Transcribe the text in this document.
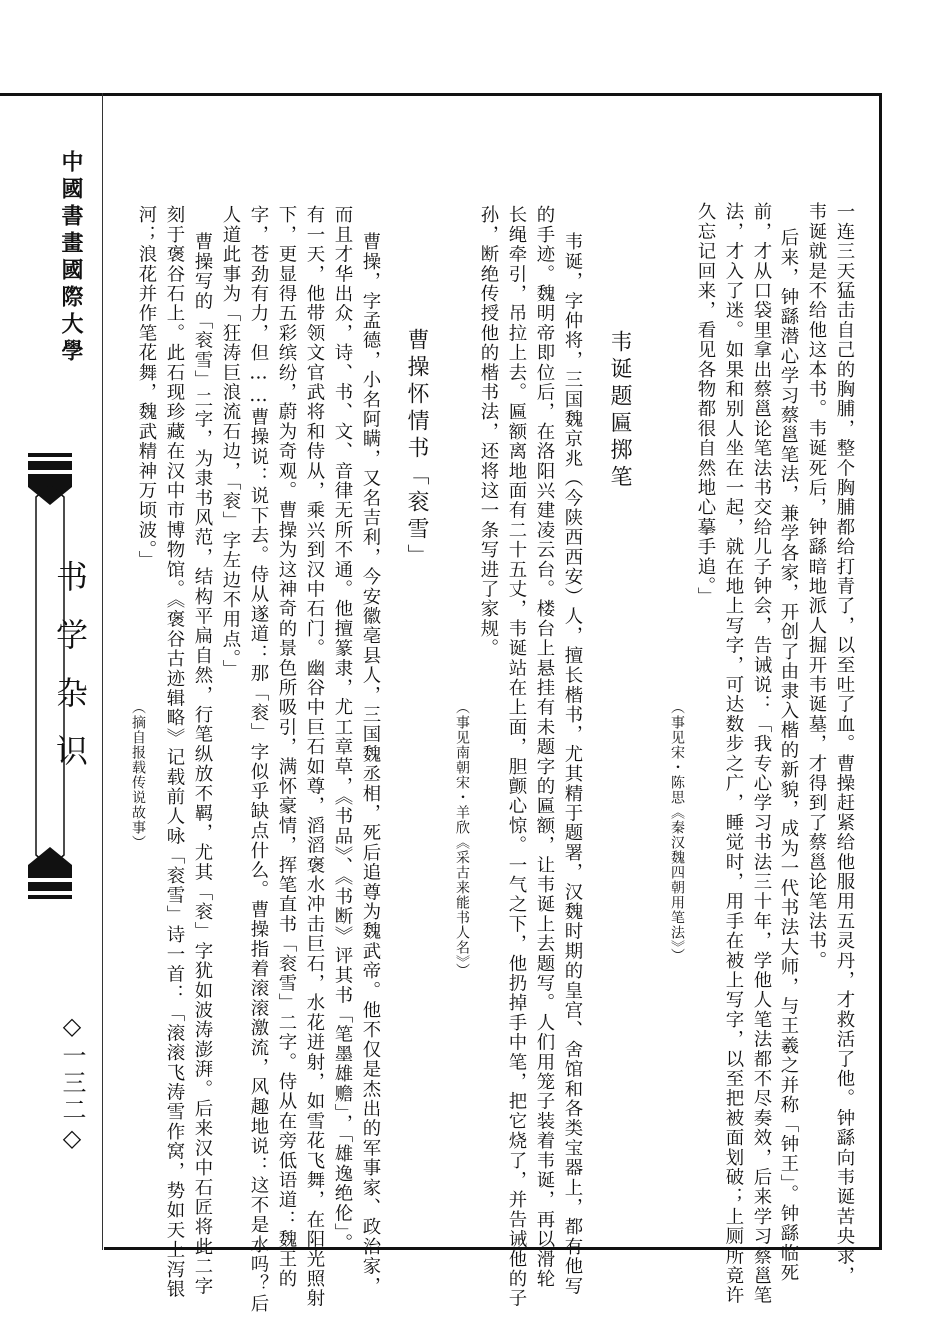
中國書畫國際大學
书学杂识
◇一三二◇	一连三天猛击自己的胸脯，整个胸脯都给打青了，以至吐了血。曹操赶紧给他服用五灵丹，才救活了他。钟繇向韦诞苦央求，
韦诞就是不给他这本书。韦诞死后，钟繇暗地派人掘开韦诞墓，才得到了蔡邕论笔法书。
后来，钟繇潜心学习蔡邕笔法，兼学各家，开创了由隶入楷的新貌，成为一代书法大师，与王羲之并称「钟王」。钟繇临死
前，才从口袋里拿出蔡邕论笔法书交给儿子钟会，告诫说：「我专心学习书法三十年，学他人笔法都不尽奏效，后来学习蔡邕笔
法，才入了迷。如果和别人坐在一起，就在地上写字，可达数步之广，睡觉时，用手在被上写字，以至把被面划破；上厕所竟许
久忘记回来，看见各物都很自然地心摹手追。」
（事见宋・陈思《秦汉魏四朝用笔法》）
韦诞题匾掷笔
韦诞，字仲将，三国魏京兆（今陕西西安）人，擅长楷书，尤其精于题署，汉魏时期的皇宫、舍馆和各类宝器上，都有他写
的手迹。魏明帝即位后，在洛阳兴建凌云台。楼台上悬挂有未题字的匾额，让韦诞上去题写。人们用笼子装着韦诞，再以滑轮
长绳牵引，吊拉上去。匾额离地面有二十五丈，韦诞站在上面，胆颤心惊。一气之下，他扔掉手中笔，把它烧了，并告诫他的子
孙，断绝传授他的楷书法，还将这一条写进了家规。
（事见南朝宋・羊欣《采古来能书人名》）
曹操怀情书「衮雪」
曹操，字孟德，小名阿瞒，又名吉利，今安徽亳县人，三国魏丞相，死后追尊为魏武帝。他不仅是杰出的军事家、政治家，
而且才华出众，诗、书、文、音律无所不通。他擅篆隶，尤工章草，《书品》、《书断》评其书「笔墨雄赡」，「雄逸绝伦」。
有一天，他带领文官武将和侍从，乘兴到汉中石门。幽谷中巨石如尊，滔滔褒水冲击巨石，水花迸射，如雪花飞舞，在阳光照射
下，更显得五彩缤纷，蔚为奇观。曹操为这神奇的景色所吸引，满怀豪情，挥笔直书「衮雪」二字。侍从在旁低语道：魏王的
字，苍劲有力，但……曹操说：说下去。侍从遂道：那「衮」字似乎缺点什么。曹操指着滚滚激流，风趣地说：这不是水吗？后
人道此事为「狂涛巨浪流石边，「衮」字左边不用点。」
曹操写的「衮雪」二字，为隶书风范，结构平扁自然，行笔纵放不羁，尤其「衮」字犹如波涛澎湃。后来汉中石匠将此二字
刻于褒谷石上。此石现珍藏在汉中市博物馆。《褒谷古迹辑略》记载前人咏「衮雪」诗一首：「滚滚飞涛雪作窝，势如天上泻银
河；浪花并作笔花舞，魏武精神万顷波。」
（摘自报载传说故事）
